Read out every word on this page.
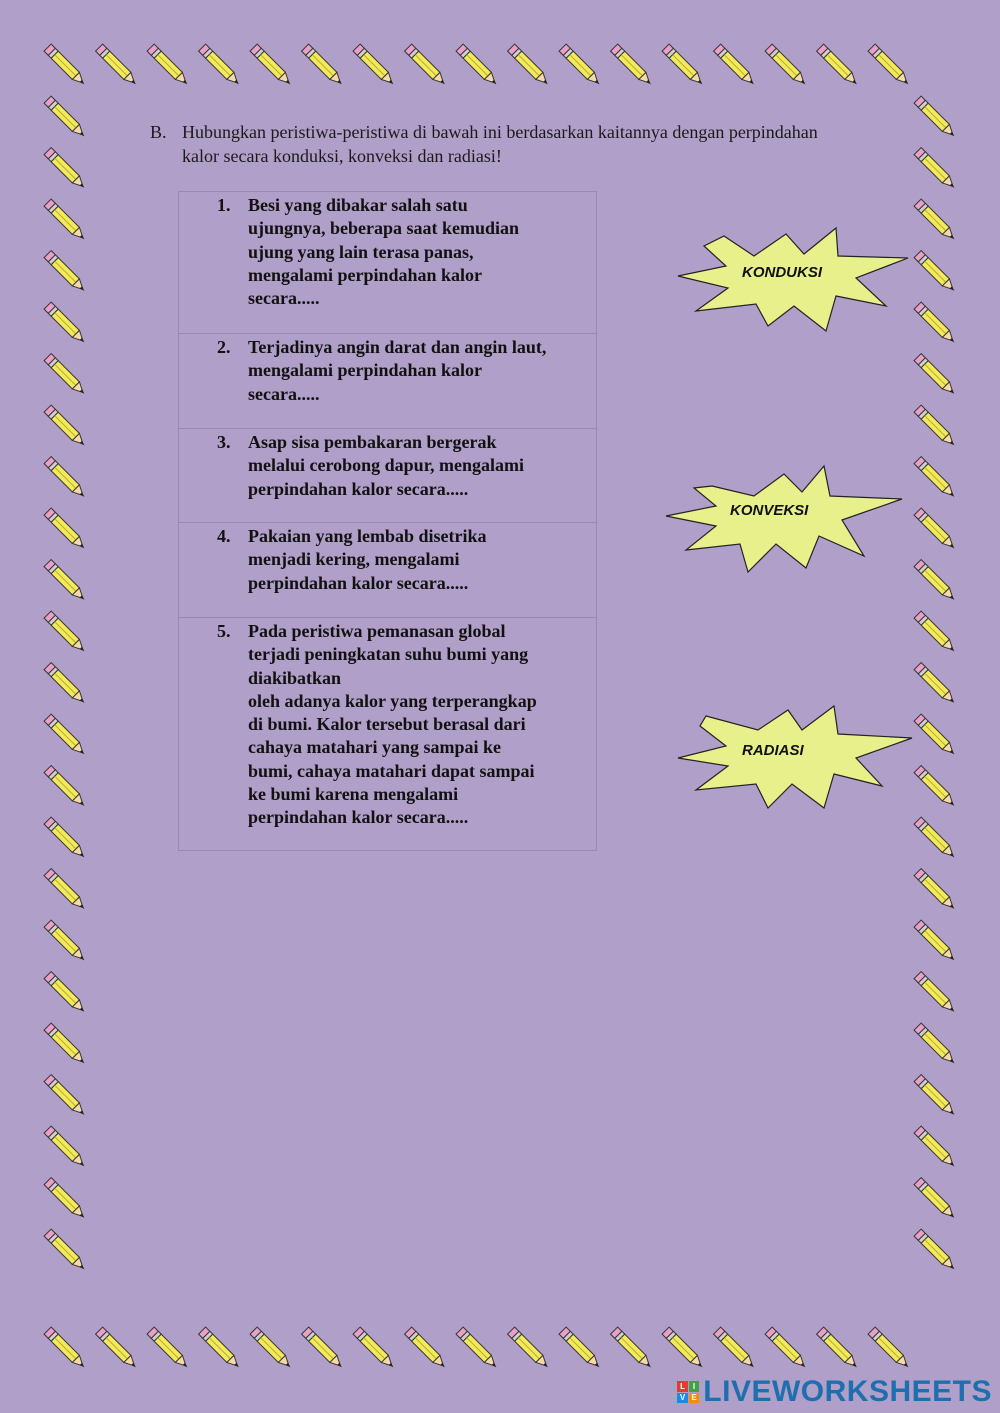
B. Hubungkan peristiwa-peristiwa di bawah ini berdasarkan kaitannya dengan perpindahan kalor secara konduksi, konveksi dan radiasi!
1. Besi yang dibakar salah satu
ujungnya, beberapa saat kemudian
ujung yang lain terasa panas,
mengalami perpindahan kalor
secara.....
2. Terjadinya angin darat dan angin laut,
mengalami perpindahan kalor
secara.....
3. Asap sisa pembakaran bergerak
melalui cerobong dapur, mengalami
perpindahan kalor secara.....
4. Pakaian yang lembab disetrika
menjadi kering, mengalami
perpindahan kalor secara.....
5. Pada peristiwa pemanasan global
terjadi peningkatan suhu bumi yang
diakibatkan
oleh adanya kalor yang terperangkap
di bumi. Kalor tersebut berasal dari
cahaya matahari yang sampai ke
bumi, cahaya matahari dapat sampai
ke bumi karena mengalami
perpindahan kalor secara.....
KONDUKSI
KONVEKSI
RADIASI
L I
V E LIVEWORKSHEETS
